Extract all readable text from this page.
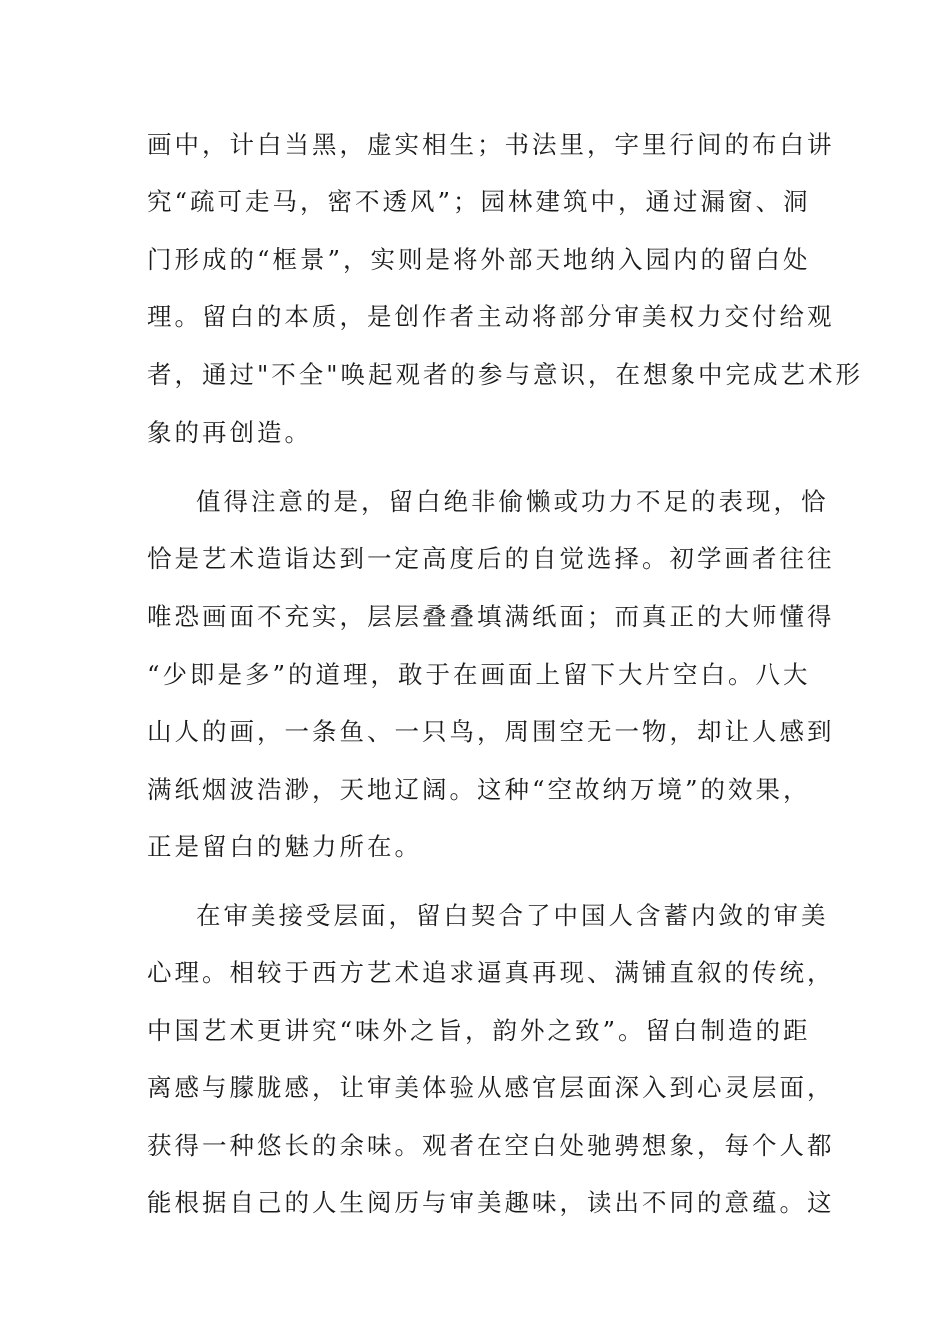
画中，计白当黑，虚实相生；书法里，字里行间的布白讲

究“疏可走马，密不透风”；园林建筑中，通过漏窗、洞

门形成的“框景”，实则是将外部天地纳入园内的留白处

理。留白的本质，是创作者主动将部分审美权力交付给观

者，通过"不全"唤起观者的参与意识，在想象中完成艺术形

象的再创造。

值得注意的是，留白绝非偷懒或功力不足的表现，恰

恰是艺术造诣达到一定高度后的自觉选择。初学画者往往

唯恐画面不充实，层层叠叠填满纸面；而真正的大师懂得

“少即是多”的道理，敢于在画面上留下大片空白。八大

山人的画，一条鱼、一只鸟，周围空无一物，却让人感到

满纸烟波浩渺，天地辽阔。这种“空故纳万境”的效果，

正是留白的魅力所在。

在审美接受层面，留白契合了中国人含蓄内敛的审美

心理。相较于西方艺术追求逼真再现、满铺直叙的传统，

中国艺术更讲究“味外之旨，韵外之致”。留白制造的距

离感与朦胧感，让审美体验从感官层面深入到心灵层面，

获得一种悠长的余味。观者在空白处驰骋想象，每个人都

能根据自己的人生阅历与审美趣味，读出不同的意蕴。这
